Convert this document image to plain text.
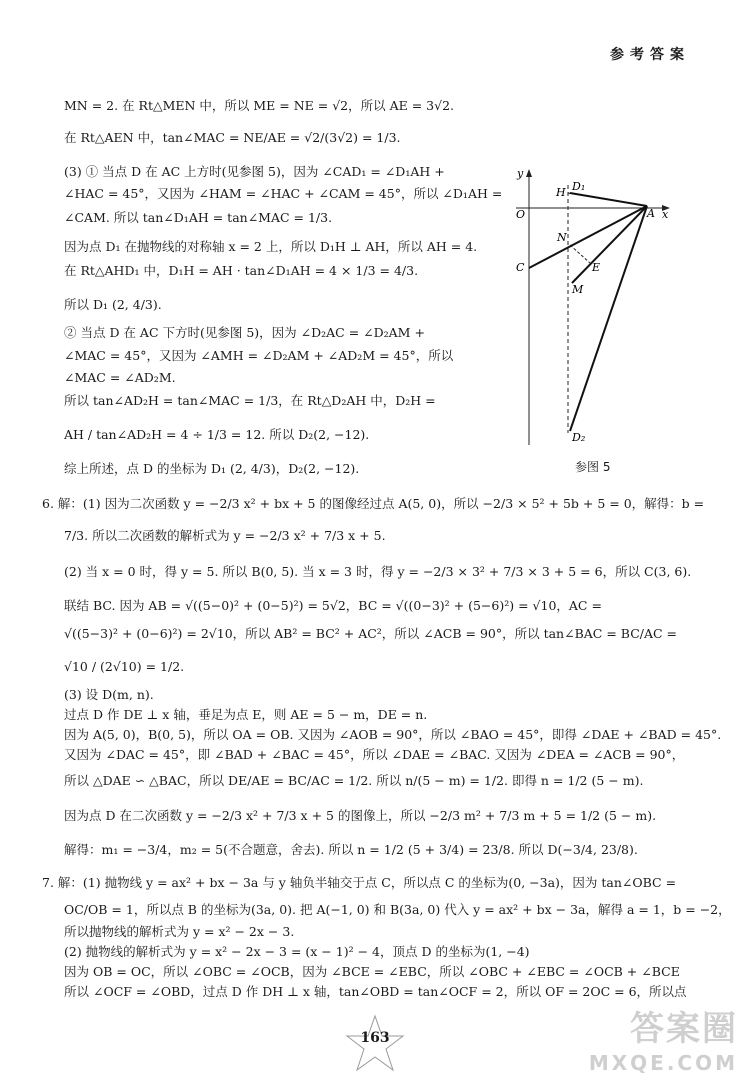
参考答案
MN = 2. 在 Rt△MEN 中，所以 ME = NE = √2，所以 AE = 3√2.
在 Rt△AEN 中，tan∠MAC = NE/AE = √2/(3√2) = 1/3.
(3) ① 当点 D 在 AC 上方时(见参图 5)，因为 ∠CAD₁ = ∠D₁AH +
∠HAC = 45°，又因为 ∠HAM = ∠HAC + ∠CAM = 45°，所以 ∠D₁AH =
∠CAM. 所以 tan∠D₁AH = tan∠MAC = 1/3.
因为点 D₁ 在抛物线的对称轴 x = 2 上，所以 D₁H ⊥ AH，所以 AH = 4.
在 Rt△AHD₁ 中，D₁H = AH · tan∠D₁AH = 4 × 1/3 = 4/3.
所以 D₁ (2, 4/3).
② 当点 D 在 AC 下方时(见参图 5)，因为 ∠D₂AC = ∠D₂AM +
∠MAC = 45°，又因为 ∠AMH = ∠D₂AM + ∠AD₂M = 45°，所以
∠MAC = ∠AD₂M.
所以 tan∠AD₂H = tan∠MAC = 1/3，在 Rt△D₂AH 中，D₂H =
AH / tan∠AD₂H = 4 ÷ 1/3 = 12. 所以 D₂(2, −12).
综上所述，点 D 的坐标为 D₁ (2, 4/3)，D₂(2, −12).
6. 解：(1) 因为二次函数 y = −2/3 x² + bx + 5 的图像经过点 A(5, 0)，所以 −2/3 × 5² + 5b + 5 = 0，解得：b =
7/3. 所以二次函数的解析式为 y = −2/3 x² + 7/3 x + 5.
(2) 当 x = 0 时，得 y = 5. 所以 B(0, 5). 当 x = 3 时，得 y = −2/3 × 3² + 7/3 × 3 + 5 = 6，所以 C(3, 6).
联结 BC. 因为 AB = √((5−0)² + (0−5)²) = 5√2，BC = √((0−3)² + (5−6)²) = √10，AC =
√((5−3)² + (0−6)²) = 2√10，所以 AB² = BC² + AC²，所以 ∠ACB = 90°，所以 tan∠BAC = BC/AC =
√10 / (2√10) = 1/2.
(3) 设 D(m, n).
过点 D 作 DE ⊥ x 轴，垂足为点 E，则 AE = 5 − m，DE = n.
因为 A(5, 0)，B(0, 5)，所以 OA = OB. 又因为 ∠AOB = 90°，所以 ∠BAO = 45°，即得 ∠DAE + ∠BAD = 45°.
又因为 ∠DAC = 45°，即 ∠BAD + ∠BAC = 45°，所以 ∠DAE = ∠BAC. 又因为 ∠DEA = ∠ACB = 90°，
所以 △DAE ∽ △BAC，所以 DE/AE = BC/AC = 1/2. 所以 n/(5 − m) = 1/2. 即得 n = 1/2 (5 − m).
因为点 D 在二次函数 y = −2/3 x² + 7/3 x + 5 的图像上，所以 −2/3 m² + 7/3 m + 5 = 1/2 (5 − m).
解得：m₁ = −3/4，m₂ = 5(不合题意，舍去). 所以 n = 1/2 (5 + 3/4) = 23/8. 所以 D(−3/4, 23/8).
7. 解：(1) 抛物线 y = ax² + bx − 3a 与 y 轴负半轴交于点 C，所以点 C 的坐标为(0, −3a)，因为 tan∠OBC =
OC/OB = 1，所以点 B 的坐标为(3a, 0). 把 A(−1, 0) 和 B(3a, 0) 代入 y = ax² + bx − 3a，解得 a = 1，b = −2，
所以抛物线的解析式为 y = x² − 2x − 3.
(2) 抛物线的解析式为 y = x² − 2x − 3 = (x − 1)² − 4，顶点 D 的坐标为(1, −4)
因为 OB = OC，所以 ∠OBC = ∠OCB，因为 ∠BCE = ∠EBC，所以 ∠OBC + ∠EBC = ∠OCB + ∠BCE
所以 ∠OCF = ∠OBD，过点 D 作 DH ⊥ x 轴，tan∠OBD = tan∠OCF = 2，所以 OF = 2OC = 6，所以点
y
x
O	A
H D₁
N
C	E
M
D₂
参图 5
163	答案圈
MXQE.COM
